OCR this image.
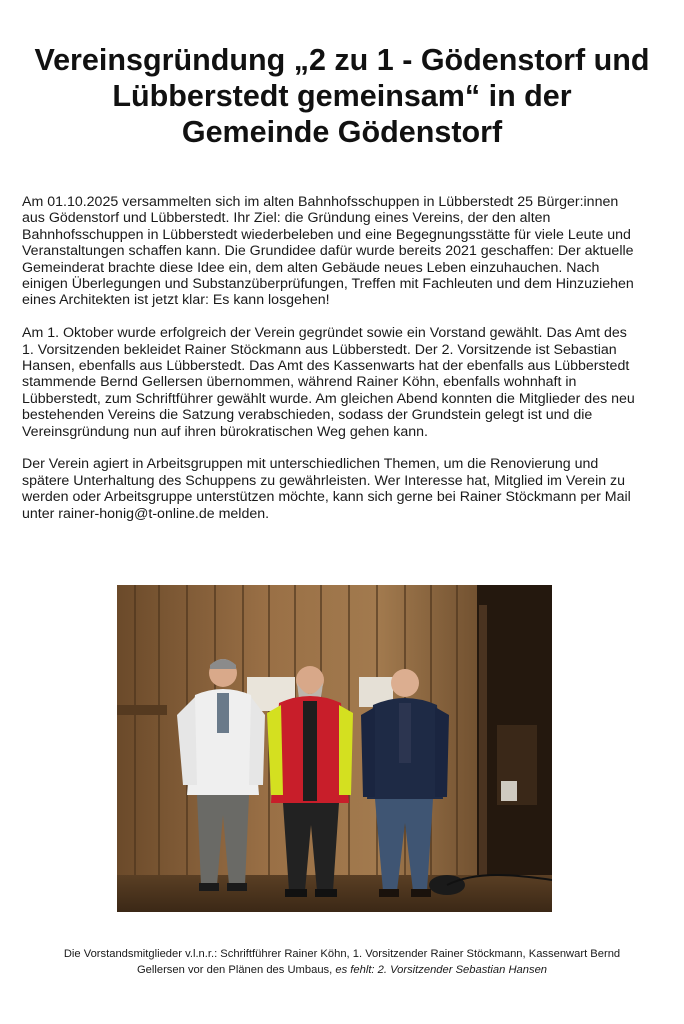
Vereinsgründung „2 zu 1 - Gödenstorf und
Lübberstedt gemeinsam“ in der
Gemeinde Gödenstorf

Am 01.10.2025 versammelten sich im alten Bahnhofsschuppen in Lübberstedt 25 Bürger:innen
aus Gödenstorf und Lübberstedt. Ihr Ziel: die Gründung eines Vereins, der den alten
Bahnhofsschuppen in Lübberstedt wiederbeleben und eine Begegnungsstätte für viele Leute und
Veranstaltungen schaffen kann. Die Grundidee dafür wurde bereits 2021 geschaffen: Der aktuelle
Gemeinderat brachte diese Idee ein, dem alten Gebäude neues Leben einzuhauchen. Nach
einigen Überlegungen und Substanzüberprüfungen, Treffen mit Fachleuten und dem Hinzuziehen
eines Architekten ist jetzt klar: Es kann losgehen!

Am 1. Oktober wurde erfolgreich der Verein gegründet sowie ein Vorstand gewählt. Das Amt des
1. Vorsitzenden bekleidet Rainer Stöckmann aus Lübberstedt. Der 2. Vorsitzende ist Sebastian
Hansen, ebenfalls aus Lübberstedt. Das Amt des Kassenwarts hat der ebenfalls aus Lübberstedt
stammende Bernd Gellersen übernommen, während Rainer Köhn, ebenfalls wohnhaft in
Lübberstedt, zum Schriftführer gewählt wurde. Am gleichen Abend konnten die Mitglieder des neu
bestehenden Vereins die Satzung verabschieden, sodass der Grundstein gelegt ist und die
Vereinsgründung nun auf ihren bürokratischen Weg gehen kann.

Der Verein agiert in Arbeitsgruppen mit unterschiedlichen Themen, um die Renovierung und
spätere Unterhaltung des Schuppens zu gewährleisten. Wer Interesse hat, Mitglied im Verein zu
werden oder Arbeitsgruppe unterstützen möchte, kann sich gerne bei Rainer Stöckmann per Mail
unter rainer-honig@t-online.de melden.

Die Vorstandsmitglieder v.l.n.r.: Schriftführer Rainer Köhn, 1. Vorsitzender Rainer Stöckmann, Kassenwart Bernd
Gellersen vor den Plänen des Umbaus, es fehlt: 2. Vorsitzender Sebastian Hansen
